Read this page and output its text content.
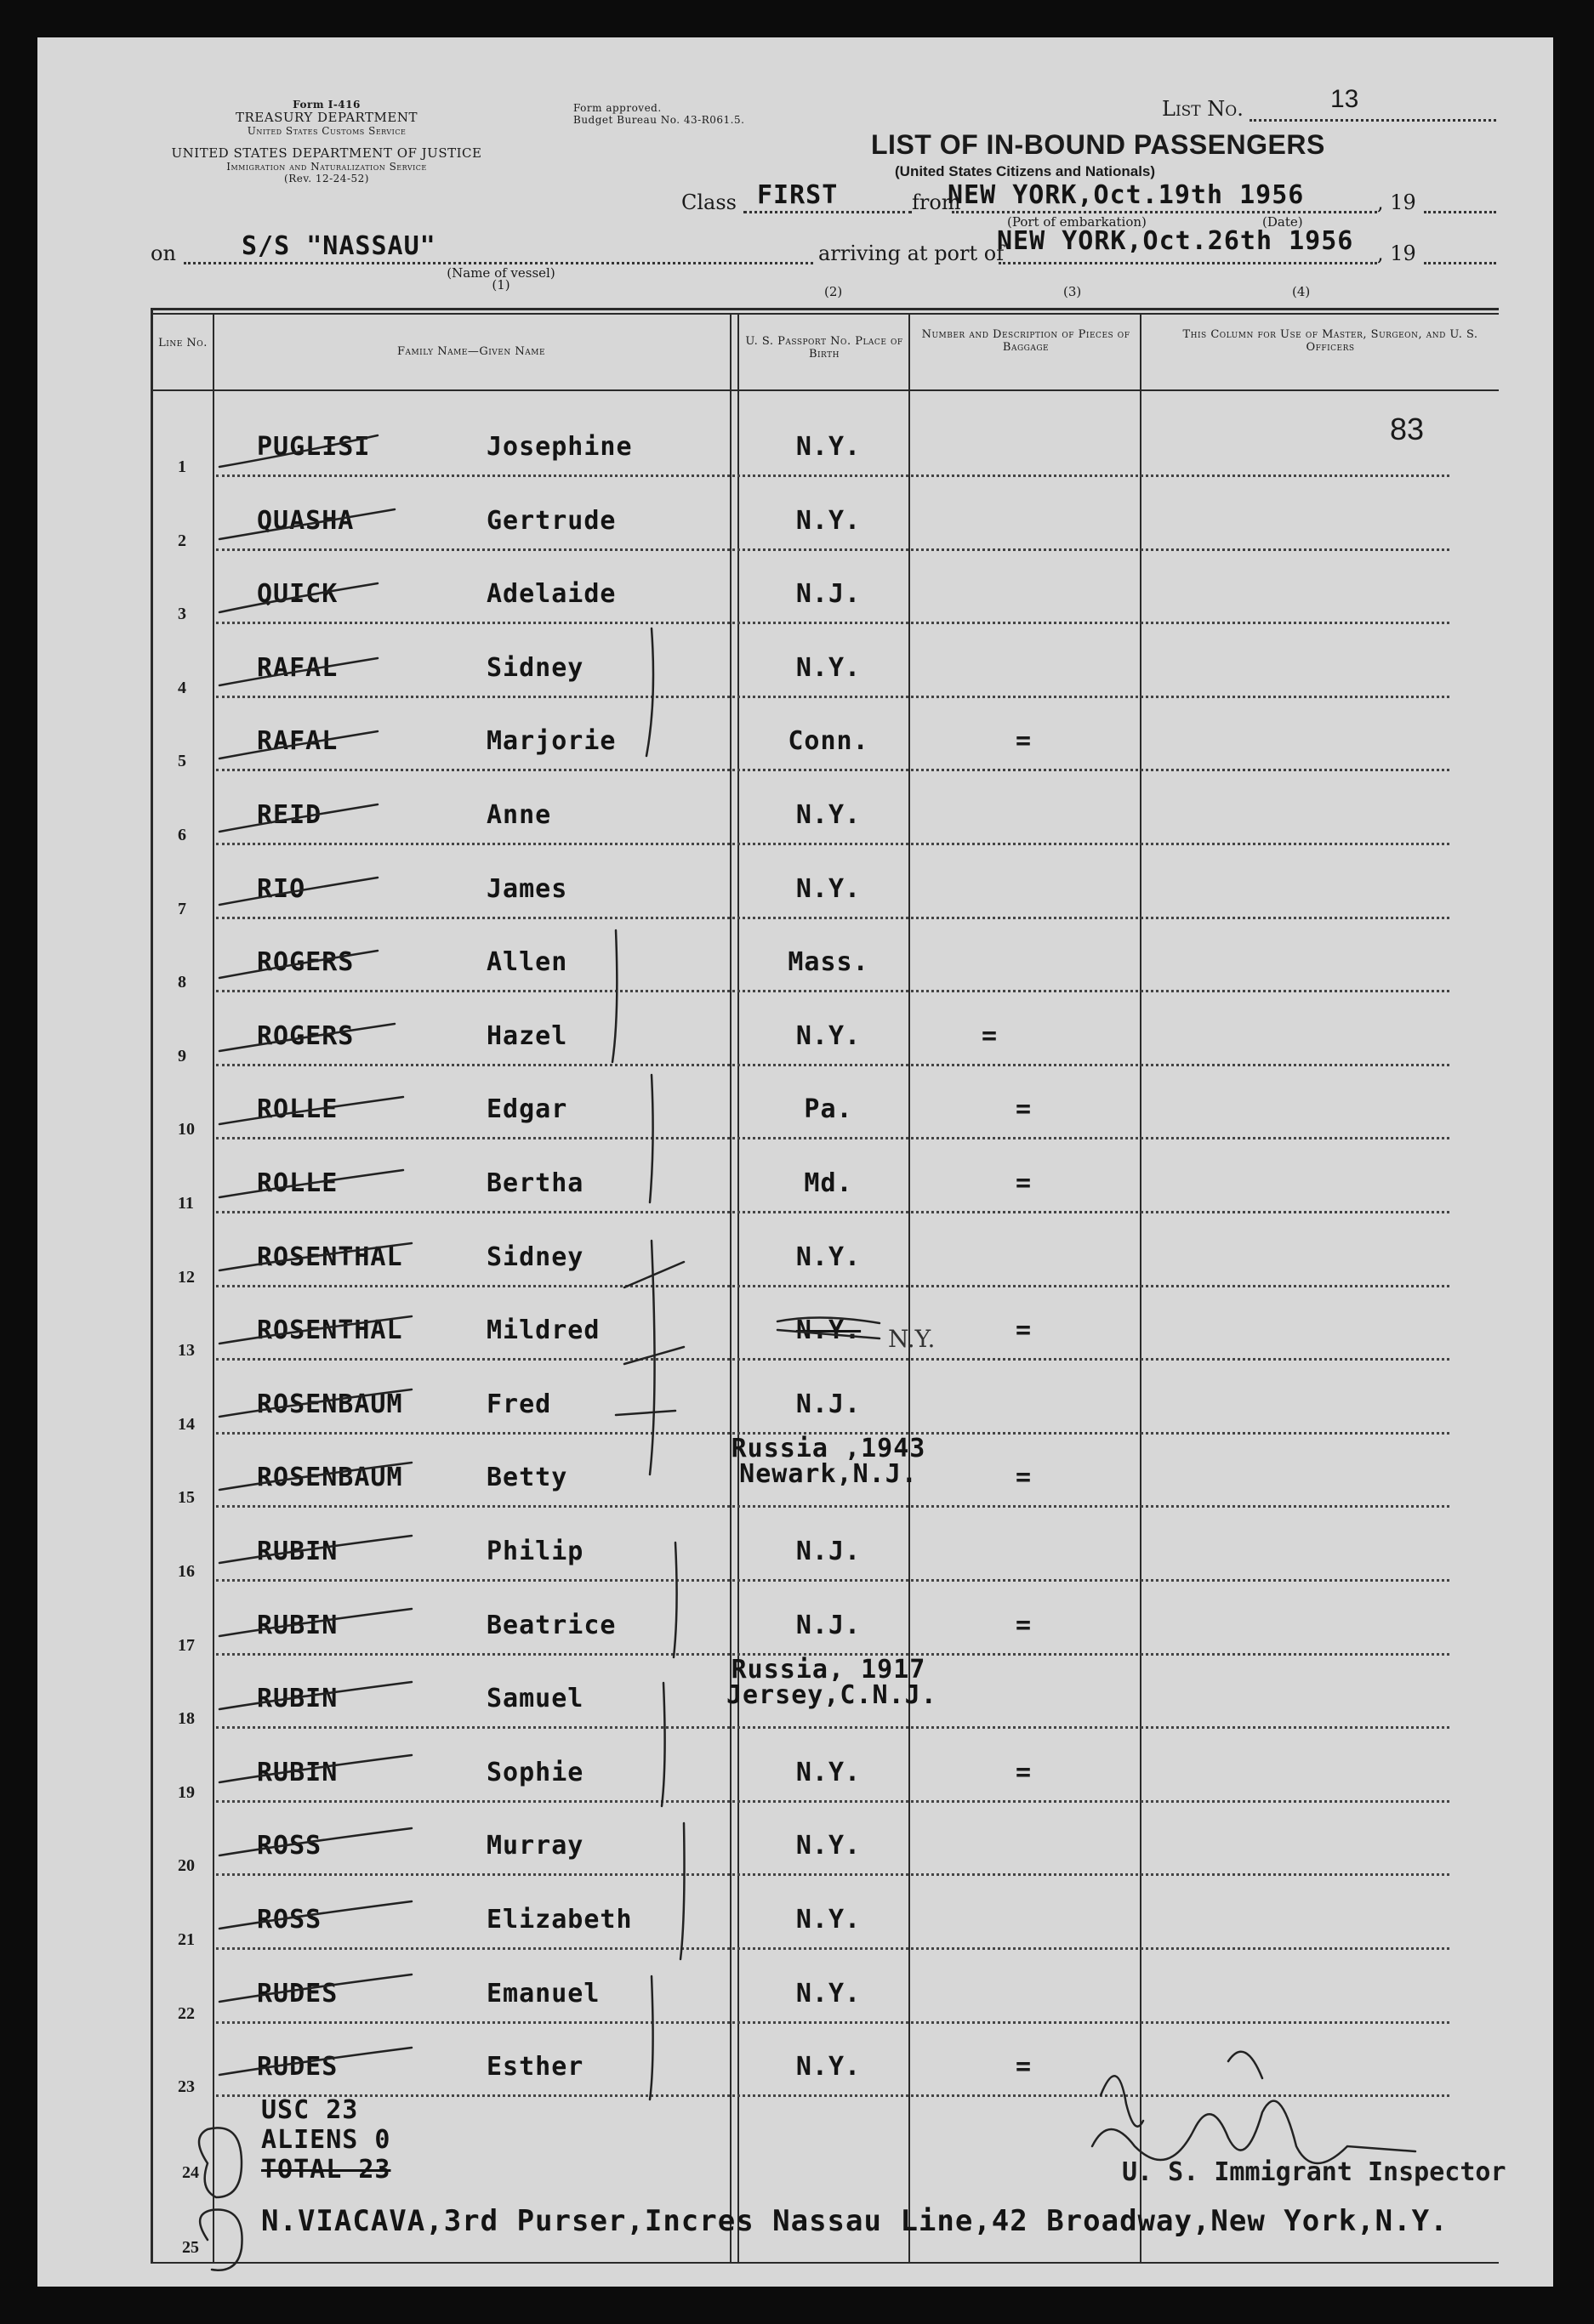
Form I-416
TREASURY DEPARTMENT
United States Customs Service
UNITED STATES DEPARTMENT OF JUSTICE
Immigration and Naturalization Service
(Rev. 12-24-52)
Form approved.
Budget Bureau No. 43-R061.5.	List No.	13
LIST OF IN-BOUND PASSENGERS
(United States Citizens and Nationals)
Class FIRST	from
NEW YORK,Oct.19th 1956	, 19
(Port of embarkation)	(Date)
on	S/S "NASSAU"
(Name of vessel)
(1)
arriving at port of
NEW YORK,Oct.26th 1956 , 19
(2)	(3)	(4)
Line No.
Family Name—Given Name
U. S. Passport No. Place of Birth
Number and Description of Pieces of Baggage
This Column for Use of Master, Surgeon, and U. S. Officers
83
1
PUGLISI	Josephine	N.Y.
2
QUASHA	Gertrude	N.Y.
3
QUICK	Adelaide	N.J.
4
RAFAL	Sidney	N.Y.
5
RAFAL	Marjorie	Conn.	=
6
REID	Anne	N.Y.
7
RIO	James	N.Y.
8
ROGERS	Allen	Mass.
9
ROGERS	Hazel	N.Y.	=
10
ROLLE	Edgar	Pa.	=
11
ROLLE	Bertha	Md.	=
12
ROSENTHAL	Sidney	N.Y.
13
ROSENTHAL	Mildred	N.Y.	=
14
ROSENBAUM	Fred	N.J.
15
ROSENBAUM	Betty
Russia ,1943
Newark,N.J.	=
16
RUBIN	Philip	N.J.
17
RUBIN	Beatrice	N.J.	=
18
RUBIN	Samuel
Russia, 1917
Jersey,C.N.J.
19
RUBIN	Sophie	N.Y.	=
20
ROSS	Murray	N.Y.
21
ROSS	Elizabeth	N.Y.
22
RUDES	Emanuel	N.Y.
23
RUDES	Esther	N.Y.	=
USC 23
ALIENS 0
TOTAL 23
24
25
U. S. Immigrant Inspector
N.VIACAVA,3rd Purser,Incres Nassau Line,42 Broadway,New York,N.Y.
N.Y.
